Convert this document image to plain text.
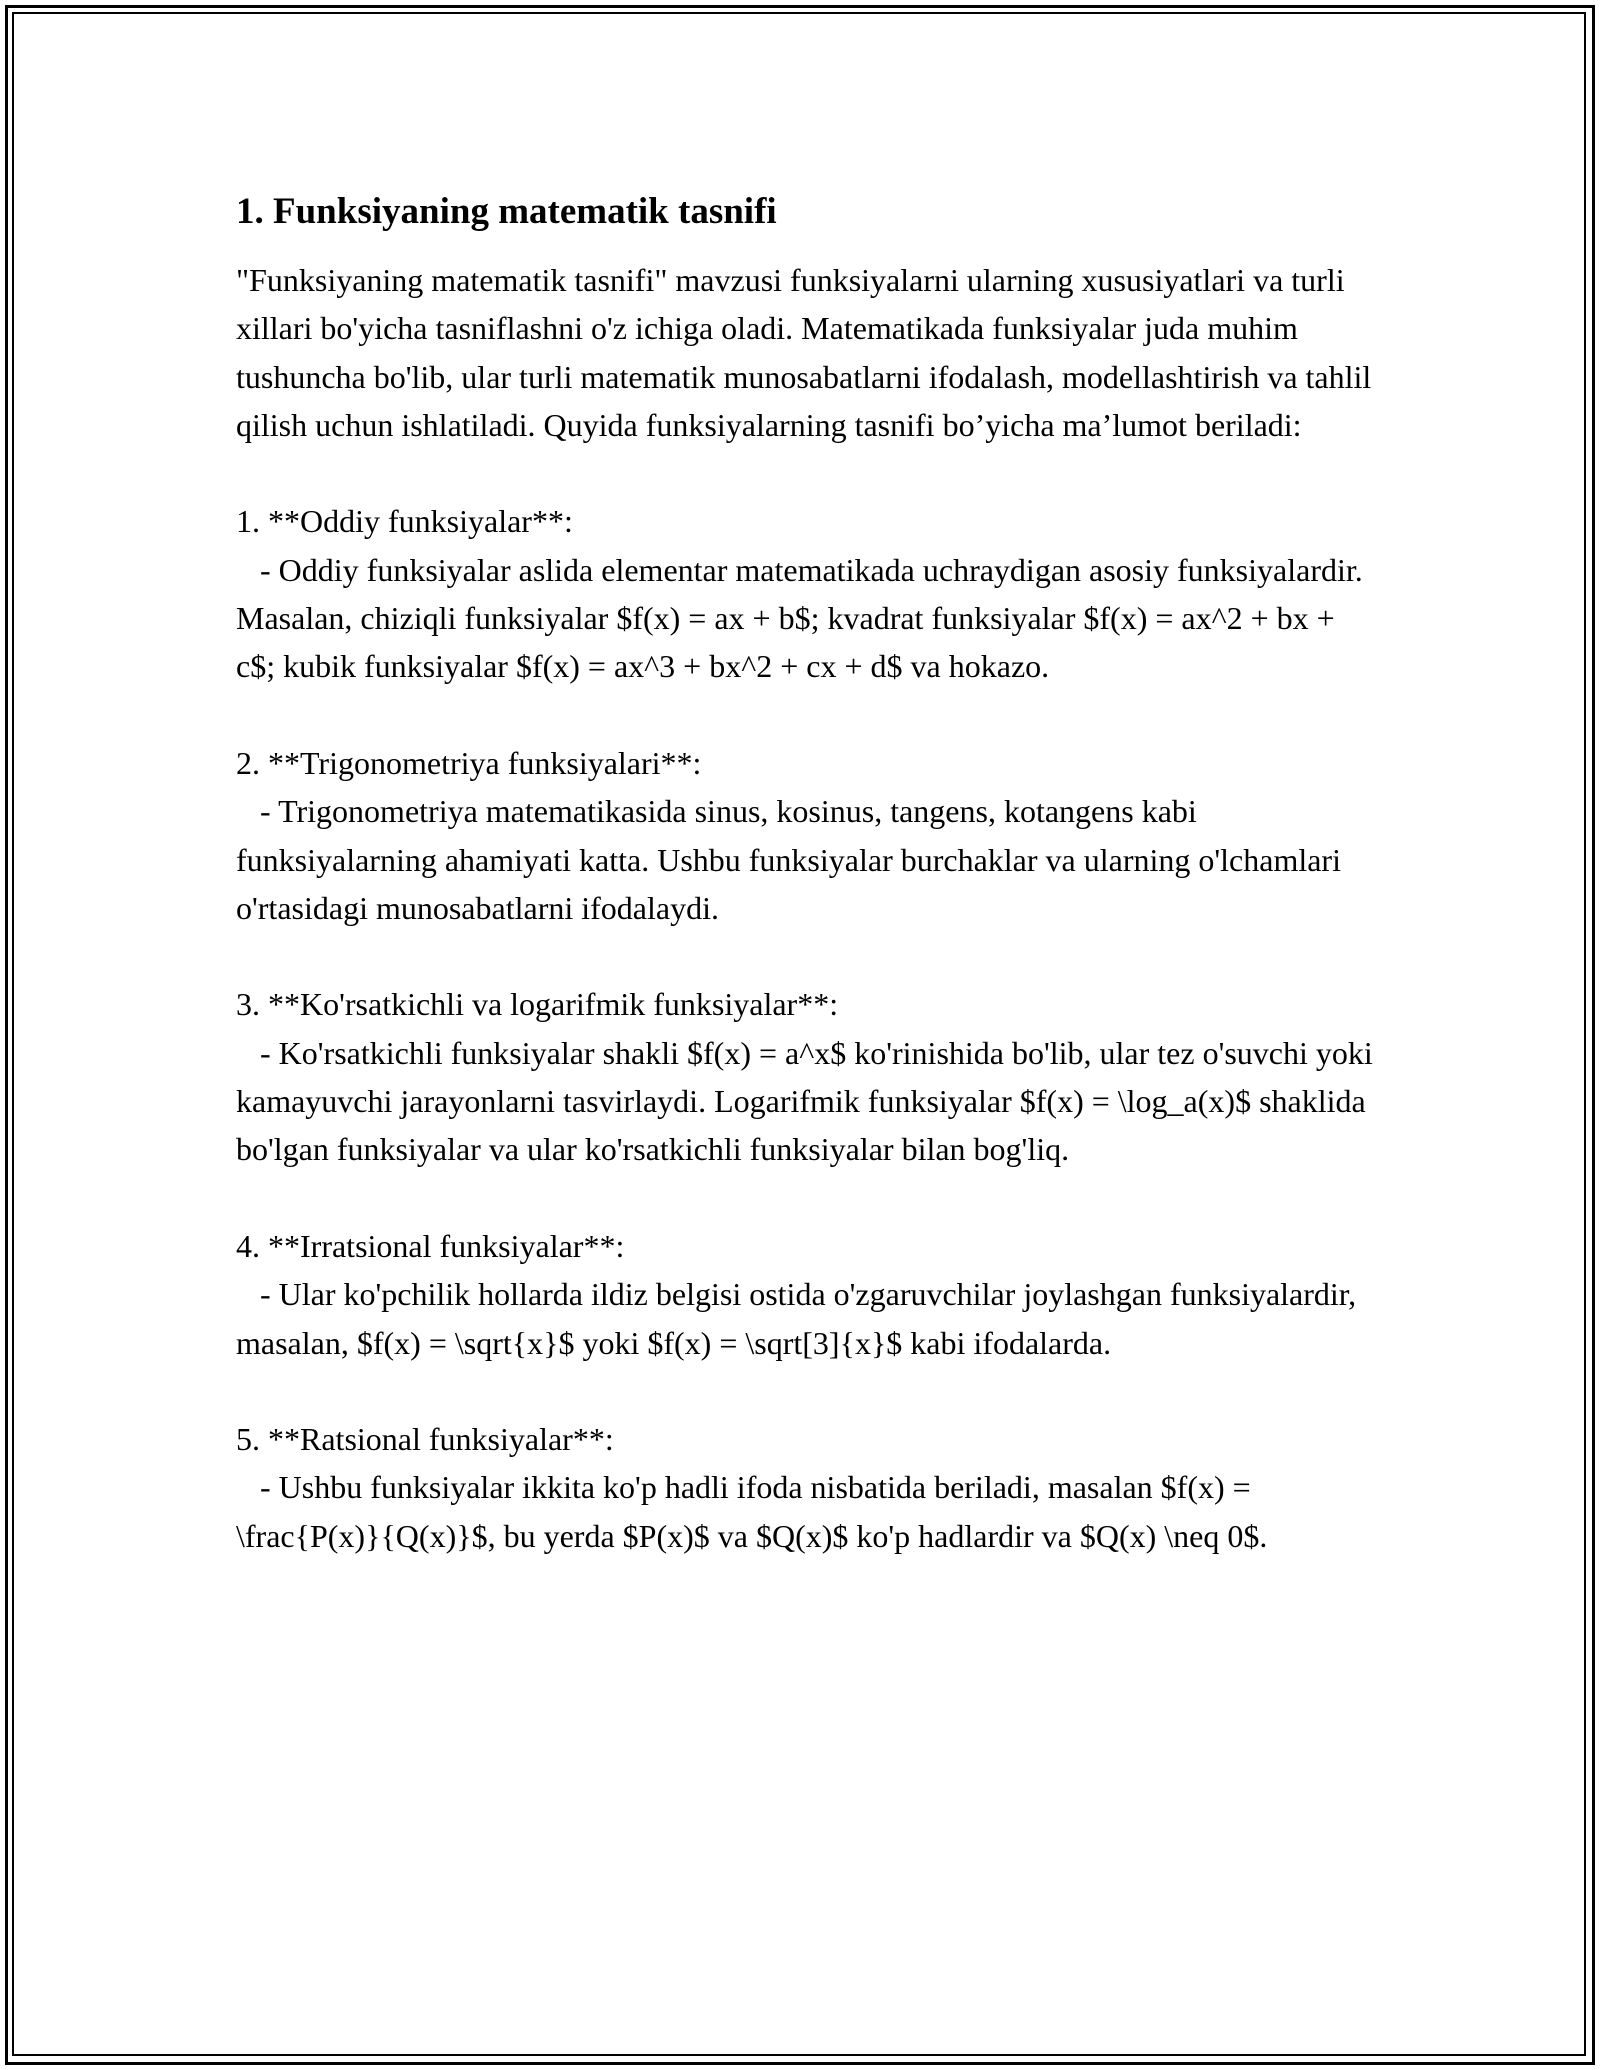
1. Funksiyaning matematik tasnifi

"Funksiyaning matematik tasnifi" mavzusi funksiyalarni ularning xususiyatlari va turli xillari bo'yicha tasniflashni o'z ichiga oladi. Matematikada funksiyalar juda muhim tushuncha bo'lib, ular turli matematik munosabatlarni ifodalash, modellashtirish va tahlil qilish uchun ishlatiladi. Quyida funksiyalarning tasnifi bo’yicha ma’lumot beriladi:

1. **Oddiy funksiyalar**:
- Oddiy funksiyalar aslida elementar matematikada uchraydigan asosiy funksiyalardir. Masalan, chiziqli funksiyalar $f(x) = ax + b$; kvadrat funksiyalar $f(x) = ax^2 + bx + c$; kubik funksiyalar $f(x) = ax^3 + bx^2 + cx + d$ va hokazo.
2. **Trigonometriya funksiyalari**:
- Trigonometriya matematikasida sinus, kosinus, tangens, kotangens kabi funksiyalarning ahamiyati katta. Ushbu funksiyalar burchaklar va ularning o'lchamlari o'rtasidagi munosabatlarni ifodalaydi.
3. **Ko'rsatkichli va logarifmik funksiyalar**:
- Ko'rsatkichli funksiyalar shakli $f(x) = a^x$ ko'rinishida bo'lib, ular tez o'suvchi yoki kamayuvchi jarayonlarni tasvirlaydi. Logarifmik funksiyalar $f(x) = \log_a(x)$ shaklida bo'lgan funksiyalar va ular ko'rsatkichli funksiyalar bilan bog'liq.
4. **Irratsional funksiyalar**:
- Ular ko'pchilik hollarda ildiz belgisi ostida o'zgaruvchilar joylashgan funksiyalardir, masalan, $f(x) = \sqrt{x}$ yoki $f(x) = \sqrt[3]{x}$ kabi ifodalarda.
5. **Ratsional funksiyalar**:
- Ushbu funksiyalar ikkita ko'p hadli ifoda nisbatida beriladi, masalan $f(x) = \frac{P(x)}{Q(x)}$, bu yerda $P(x)$ va $Q(x)$ ko'p hadlardir va $Q(x) \neq 0$.
